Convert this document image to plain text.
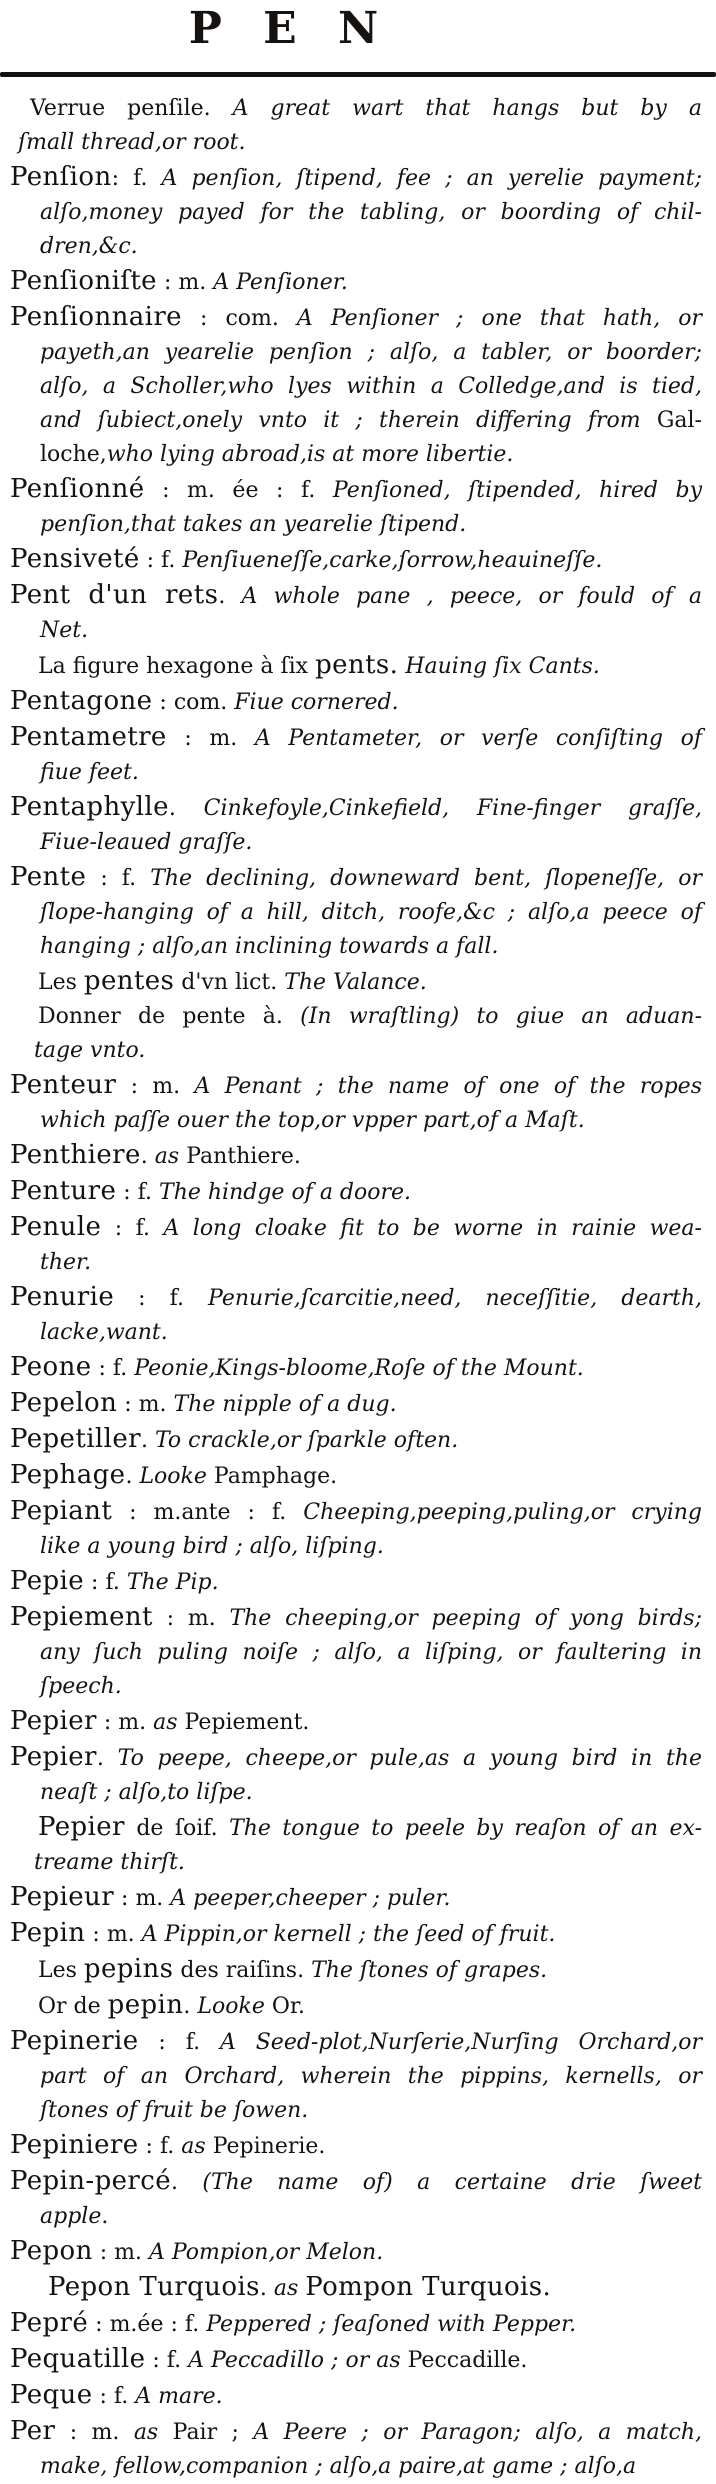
P E N
Verrue penſile. A great wart that hangs but by a
ſmall thread,or root.
Penſion: f. A penſion, ſtipend, fee ; an yerelie payment;
alſo,money payed for the tabling, or boording of chil-
dren,&c.
Penſioniſte : m. A Penſioner.
Penſionnaire : com. A Penſioner ; one that hath, or
payeth,an yearelie penſion ; alſo, a tabler, or boorder;
alſo, a Scholler,who lyes within a Colledge,and is tied,
and ſubiect,onely vnto it ; therein differing from Gal-
loche,who lying abroad,is at more libertie.
Penſionné : m. ée : f. Penſioned, ſtipended, hired by
penſion,that takes an yearelie ſtipend.
Pensiveté : f. Penſiueneſſe,carke,ſorrow,heauineſſe.
Pent d'un rets. A whole pane , peece, or fould of a
Net.
La figure hexagone à ſix pents. Hauing ſix Cants.
Pentagone : com. Fiue cornered.
Pentametre : m. A Pentameter, or verſe conſiſting of
fiue feet.
Pentaphylle. Cinkefoyle,Cinkefield, Fine-finger graſſe,
Fiue-leaued graſſe.
Pente : f. The declining, downeward bent, ſlopeneſſe, or
ſlope-hanging of a hill, ditch, roofe,&c ; alſo,a peece of
hanging ; alſo,an inclining towards a fall.
Les pentes d'vn lict. The Valance.
Donner de pente à. (In wraſtling) to giue an aduan-
tage vnto.
Penteur : m. A Penant ; the name of one of the ropes
which paſſe ouer the top,or vpper part,of a Maſt.
Penthiere. as Panthiere.
Penture : f. The hindge of a doore.
Penule : f. A long cloake fit to be worne in rainie wea-
ther.
Penurie : f. Penurie,ſcarcitie,need, neceſſitie, dearth,
lacke,want.
Peone : f. Peonie,Kings-bloome,Roſe of the Mount.
Pepelon : m. The nipple of a dug.
Pepetiller. To crackle,or ſparkle often.
Pephage. Looke Pamphage.
Pepiant : m.ante : f. Cheeping,peeping,puling,or crying
like a young bird ; alſo, liſping.
Pepie : f. The Pip.
Pepiement : m. The cheeping,or peeping of yong birds;
any ſuch puling noiſe ; alſo, a liſping, or faultering in
ſpeech.
Pepier : m. as Pepiement.
Pepier. To peepe, cheepe,or pule,as a young bird in the
neaſt ; alſo,to liſpe.
Pepier de ſoif. The tongue to peele by reaſon of an ex-
treame thirſt.
Pepieur : m. A peeper,cheeper ; puler.
Pepin : m. A Pippin,or kernell ; the ſeed of fruit.
Les pepins des raiſins. The ſtones of grapes.
Or de pepin. Looke Or.
Pepinerie : f. A Seed-plot,Nurſerie,Nurſing Orchard,or
part of an Orchard, wherein the pippins, kernells, or
ſtones of fruit be ſowen.
Pepiniere : f. as Pepinerie.
Pepin-percé. (The name of) a certaine drie ſweet
apple.
Pepon : m. A Pompion,or Melon.
Pepon Turquois. as Pompon Turquois.
Pepré : m.ée : f. Peppered ; ſeaſoned with Pepper.
Pequatille : f. A Peccadillo ; or as Peccadille.
Peque : f. A mare.
Per : m. as Pair ; A Peere ; or Paragon; alſo, a match,
make, fellow,companion ; alſo,a paire,at game ; alſo,a
